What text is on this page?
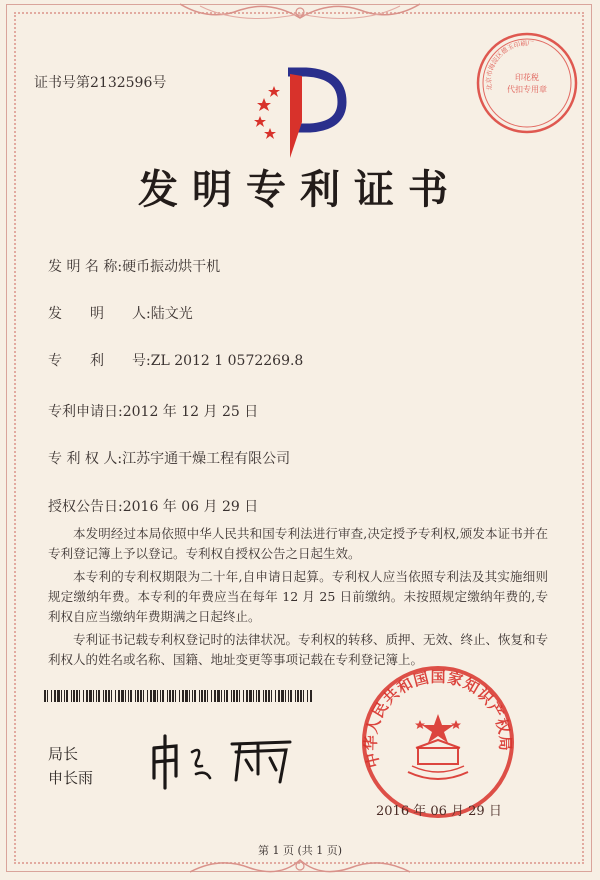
证书号第2132596号	印花税
代扣专用章
北京市海淀区德玉印刷厂
发明专利证书
发 明 名 称:硬币振动烘干机
发　　明　　人:陆文光
专　　利　　号:ZL 2012 1 0572269.8
专利申请日:2012 年 12 月 25 日
专 利 权 人:江苏宇通干燥工程有限公司
授权公告日:2016 年 06 月 29 日

本发明经过本局依照中华人民共和国专利法进行审查,决定授予专利权,颁发本证书并在专利登记簿上予以登记。专利权自授权公告之日起生效。

本专利的专利权期限为二十年,自申请日起算。专利权人应当依照专利法及其实施细则规定缴纳年费。本专利的年费应当在每年 12 月 25 日前缴纳。未按照规定缴纳年费的,专利权自应当缴纳年费期满之日起终止。

专利证书记载专利权登记时的法律状况。专利权的转移、质押、无效、终止、恢复和专利权人的姓名或名称、国籍、地址变更等事项记载在专利登记簿上。

局长
申长雨
中华人民共和国国家知识产权局
2016 年 06 月 29 日
第 1 页 (共 1 页)
